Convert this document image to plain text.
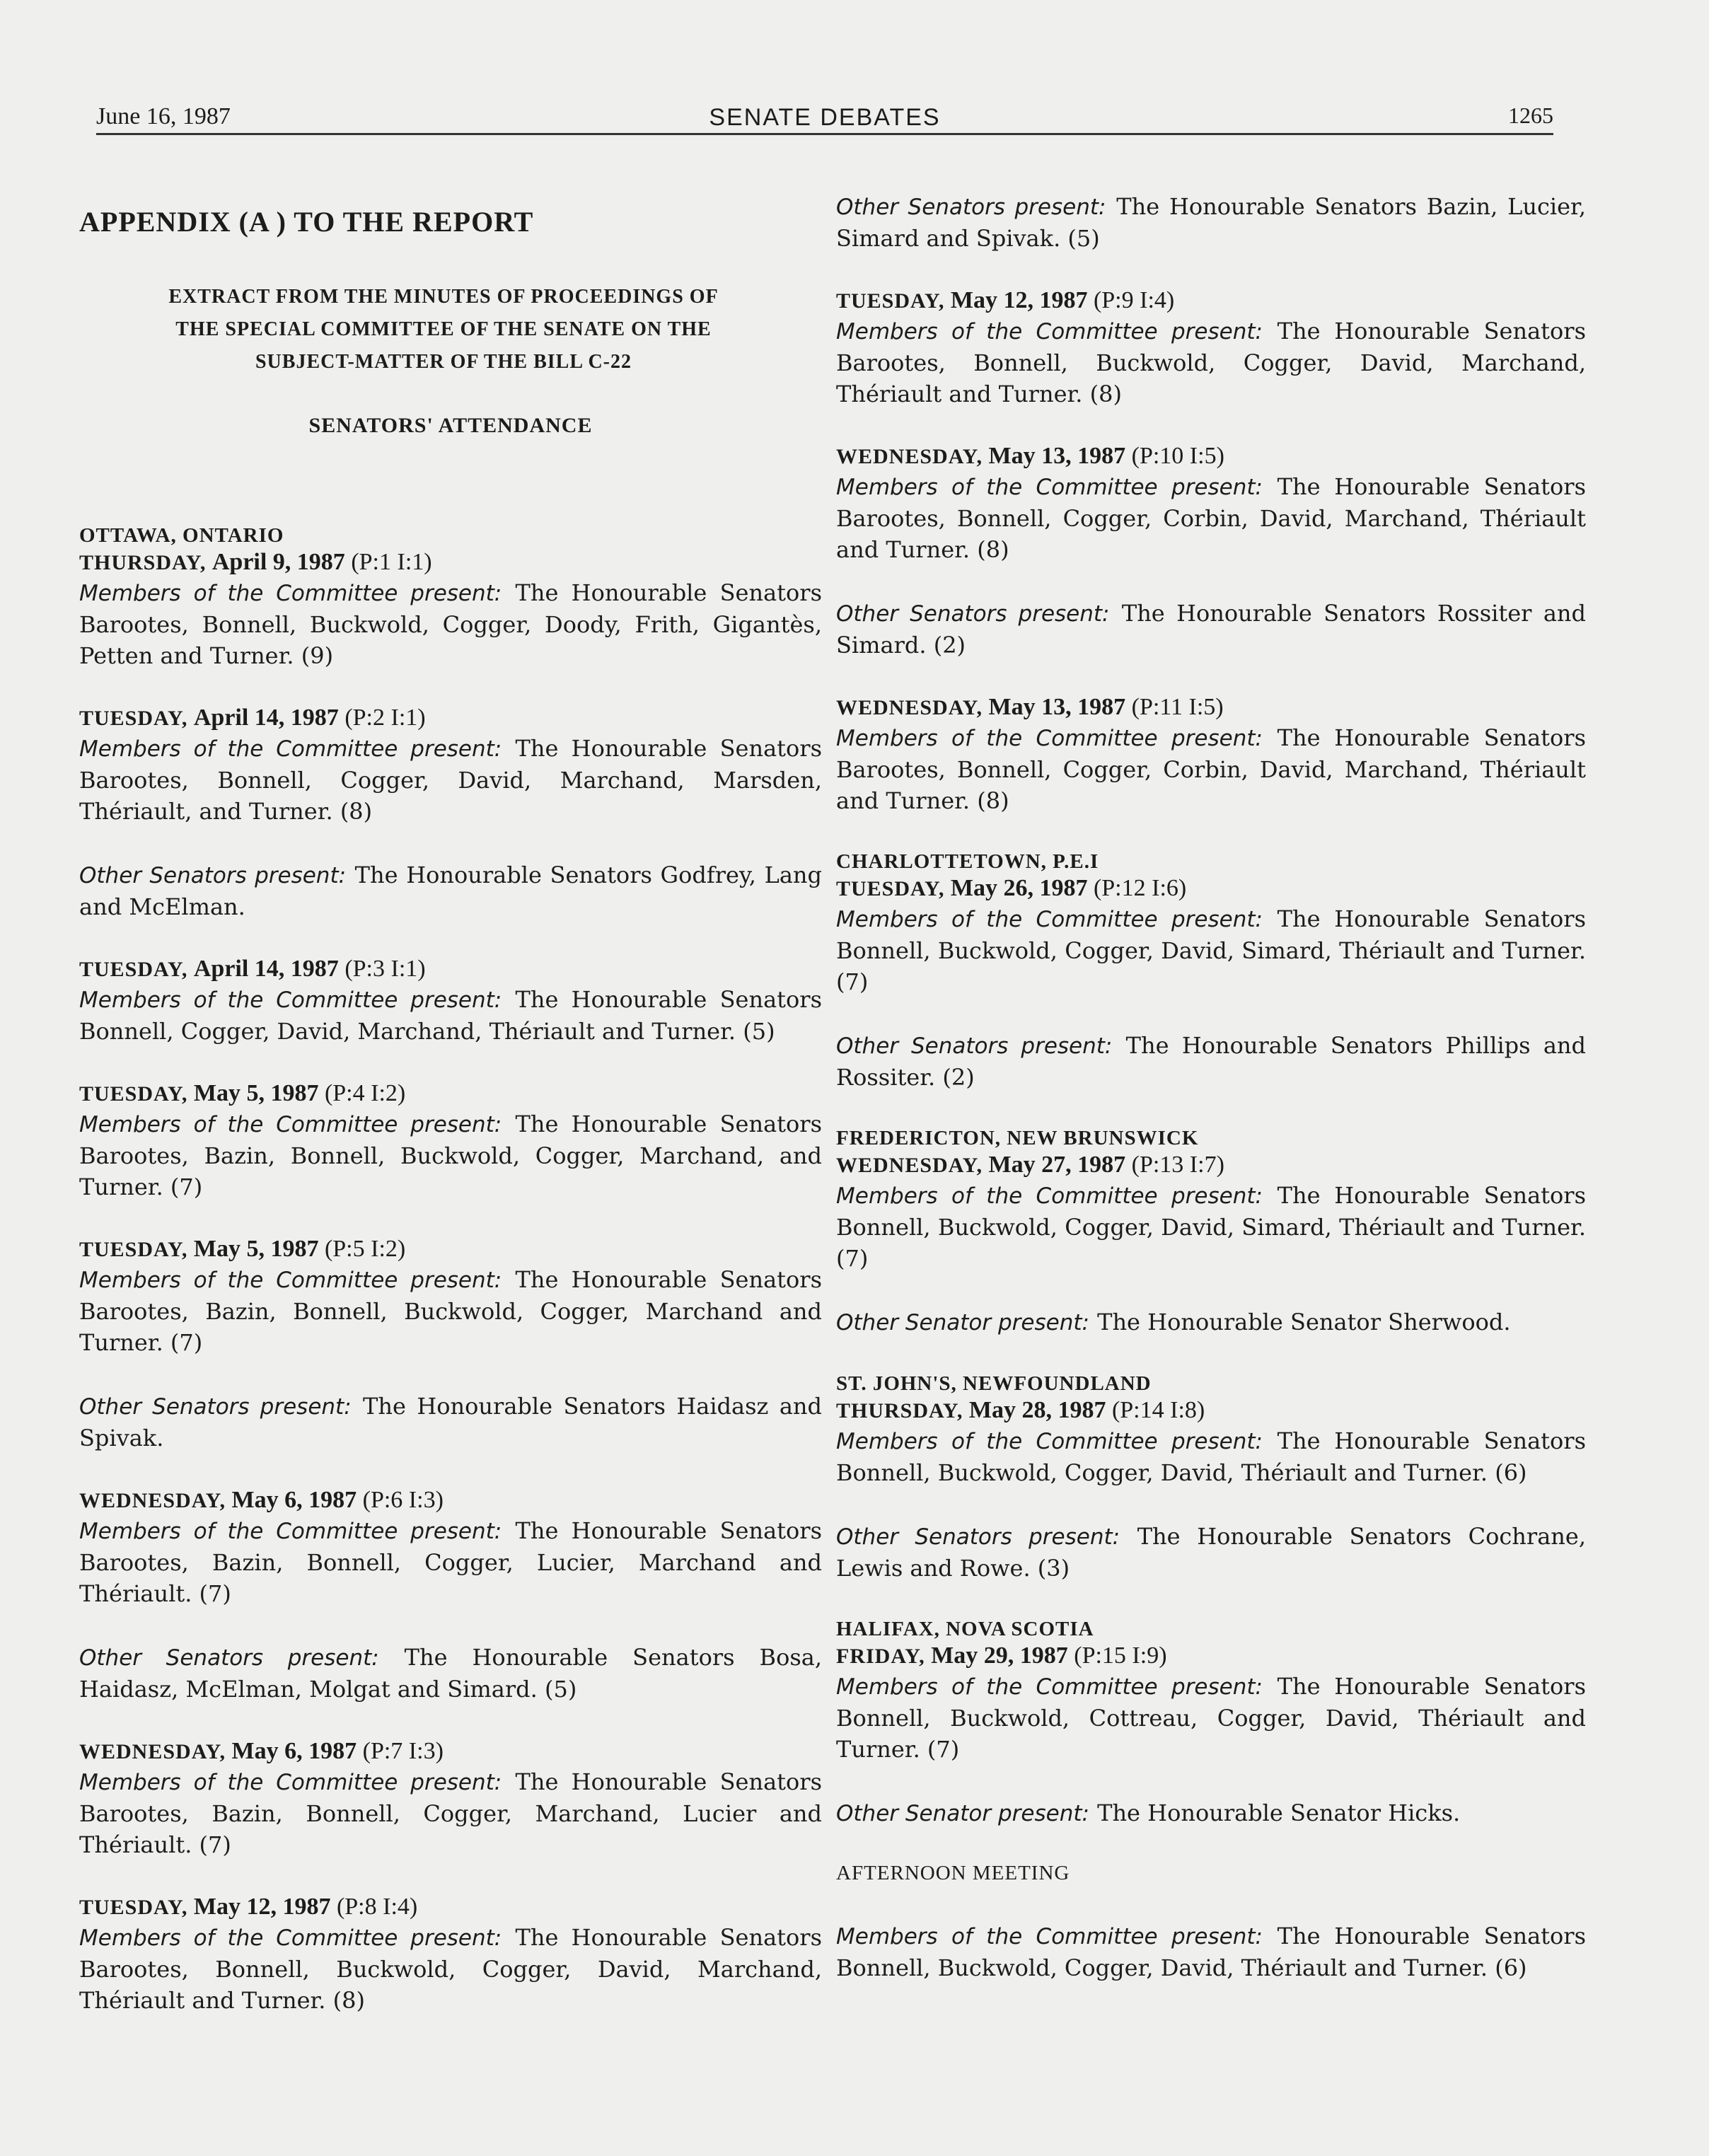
June 16, 1987	SENATE DEBATES	1265
APPENDIX (A ) TO THE REPORT
EXTRACT FROM THE MINUTES OF PROCEEDINGS OF
THE SPECIAL COMMITTEE OF THE SENATE ON THE
SUBJECT-MATTER OF THE BILL C-22
SENATORS' ATTENDANCE
OTTAWA, ONTARIO
THURSDAY, April 9, 1987 (P:1 I:1)
Members of the Committee present: The Honourable Senators Barootes, Bonnell, Buckwold, Cogger, Doody, Frith, Gigantès, Petten and Turner. (9)
TUESDAY, April 14, 1987 (P:2 I:1)
Members of the Committee present: The Honourable Senators Barootes, Bonnell, Cogger, David, Marchand, Marsden, Thériault, and Turner. (8)
Other Senators present: The Honourable Senators Godfrey, Lang and McElman.
TUESDAY, April 14, 1987 (P:3 I:1)
Members of the Committee present: The Honourable Senators Bonnell, Cogger, David, Marchand, Thériault and Turner. (5)
TUESDAY, May 5, 1987 (P:4 I:2)
Members of the Committee present: The Honourable Senators Barootes, Bazin, Bonnell, Buckwold, Cogger, Marchand, and Turner. (7)
TUESDAY, May 5, 1987 (P:5 I:2)
Members of the Committee present: The Honourable Senators Barootes, Bazin, Bonnell, Buckwold, Cogger, Marchand and Turner. (7)
Other Senators present: The Honourable Senators Haidasz and Spivak.
WEDNESDAY, May 6, 1987 (P:6 I:3)
Members of the Committee present: The Honourable Senators Barootes, Bazin, Bonnell, Cogger, Lucier, Marchand and Thériault. (7)
Other Senators present: The Honourable Senators Bosa, Haidasz, McElman, Molgat and Simard. (5)
WEDNESDAY, May 6, 1987 (P:7 I:3)
Members of the Committee present: The Honourable Senators Barootes, Bazin, Bonnell, Cogger, Marchand, Lucier and Thériault. (7)
TUESDAY, May 12, 1987 (P:8 I:4)
Members of the Committee present: The Honourable Senators Barootes, Bonnell, Buckwold, Cogger, David, Marchand, Thériault and Turner. (8)
Other Senators present: The Honourable Senators Bazin, Lucier, Simard and Spivak. (5)
TUESDAY, May 12, 1987 (P:9 I:4)
Members of the Committee present: The Honourable Senators Barootes, Bonnell, Buckwold, Cogger, David, Marchand, Thériault and Turner. (8)
WEDNESDAY, May 13, 1987 (P:10 I:5)
Members of the Committee present: The Honourable Senators Barootes, Bonnell, Cogger, Corbin, David, Marchand, Thériault and Turner. (8)
Other Senators present: The Honourable Senators Rossiter and Simard. (2)
WEDNESDAY, May 13, 1987 (P:11 I:5)
Members of the Committee present: The Honourable Senators Barootes, Bonnell, Cogger, Corbin, David, Marchand, Thériault and Turner. (8)
CHARLOTTETOWN, P.E.I
TUESDAY, May 26, 1987 (P:12 I:6)
Members of the Committee present: The Honourable Senators Bonnell, Buckwold, Cogger, David, Simard, Thériault and Turner. (7)
Other Senators present: The Honourable Senators Phillips and Rossiter. (2)
FREDERICTON, NEW BRUNSWICK
WEDNESDAY, May 27, 1987 (P:13 I:7)
Members of the Committee present: The Honourable Senators Bonnell, Buckwold, Cogger, David, Simard, Thériault and Turner. (7)
Other Senator present: The Honourable Senator Sherwood.
ST. JOHN'S, NEWFOUNDLAND
THURSDAY, May 28, 1987 (P:14 I:8)
Members of the Committee present: The Honourable Senators Bonnell, Buckwold, Cogger, David, Thériault and Turner. (6)
Other Senators present: The Honourable Senators Cochrane, Lewis and Rowe. (3)
HALIFAX, NOVA SCOTIA
FRIDAY, May 29, 1987 (P:15 I:9)
Members of the Committee present: The Honourable Senators Bonnell, Buckwold, Cottreau, Cogger, David, Thériault and Turner. (7)
Other Senator present: The Honourable Senator Hicks.
AFTERNOON MEETING
Members of the Committee present: The Honourable Senators Bonnell, Buckwold, Cogger, David, Thériault and Turner. (6)
